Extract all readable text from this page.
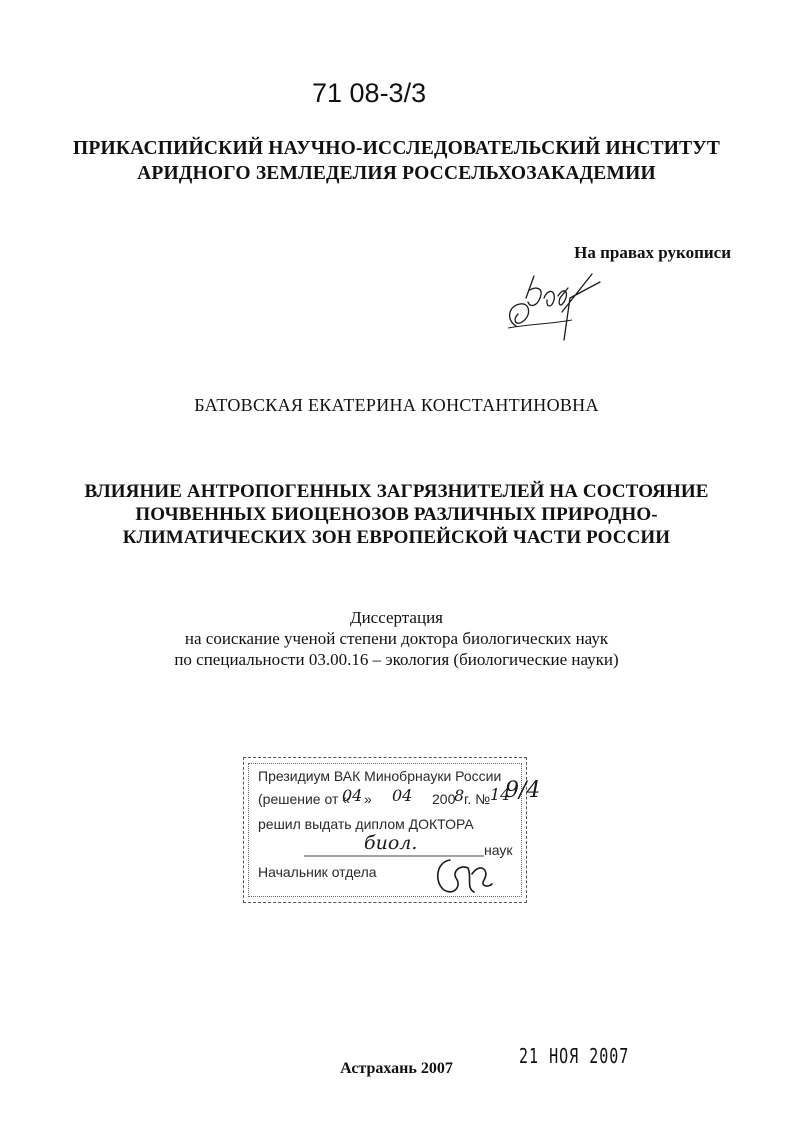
71 08-3/3
ПРИКАСПИЙСКИЙ НАУЧНО-ИССЛЕДОВАТЕЛЬСКИЙ ИНСТИТУТ
АРИДНОГО ЗЕМЛЕДЕЛИЯ РОССЕЛЬХОЗАКАДЕМИИ
На правах рукописи
БАТОВСКАЯ ЕКАТЕРИНА КОНСТАНТИНОВНА
ВЛИЯНИЕ АНТРОПОГЕННЫХ ЗАГРЯЗНИТЕЛЕЙ НА СОСТОЯНИЕ
ПОЧВЕННЫХ БИОЦЕНОЗОВ РАЗЛИЧНЫХ ПРИРОДНО-
КЛИМАТИЧЕСКИХ ЗОН ЕВРОПЕЙСКОЙ ЧАСТИ РОССИИ
Диссертация
на соискание ученой степени доктора биологических наук
по специальности 03.00.16 – экология (биологические науки)
Президиум ВАК Минобрнауки России
(решение от «
04 » 04 200
8 г. № 14
решил выдать диплом ДОКТОРА
биол.	наук
Начальник отдела
9/4
21 НОЯ 2007
Астрахань 2007
